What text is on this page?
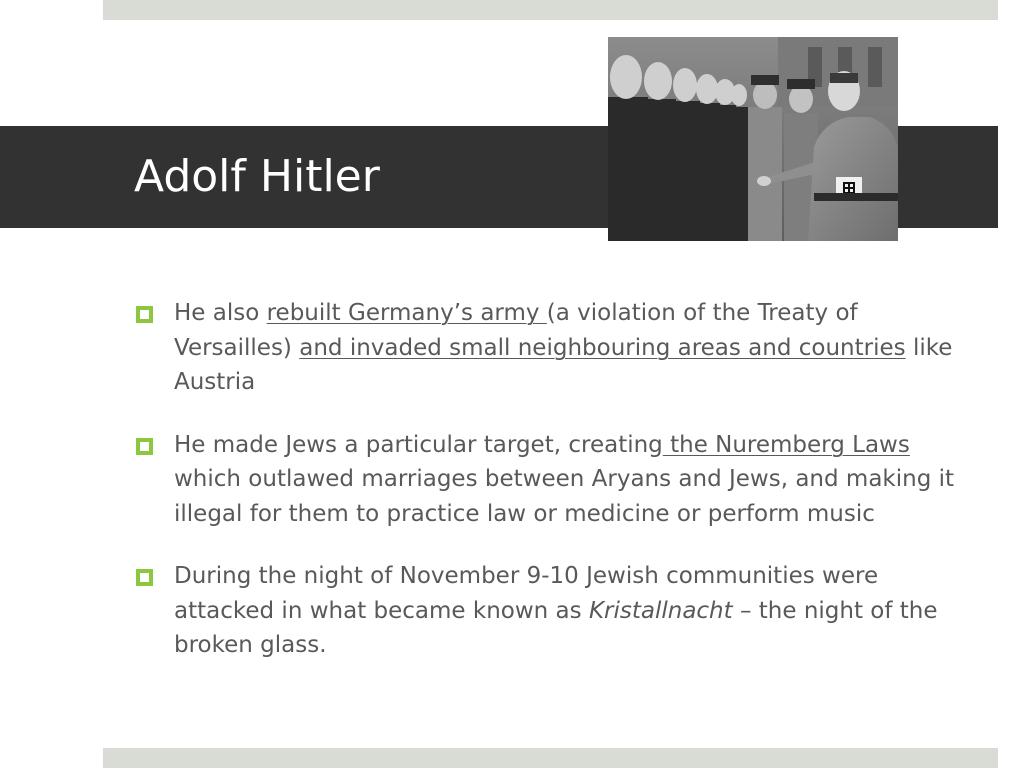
Adolf Hitler
He also rebuilt Germany’s army (a violation of the Treaty of Versailles) and invaded small neighbouring areas and countries like Austria
He made Jews a particular target, creating the Nuremberg Laws which outlawed marriages between Aryans and Jews, and making it illegal for them to practice law or medicine or perform music
During the night of November 9-10 Jewish communities were attacked in what became known as Kristallnacht – the night of the broken glass.
